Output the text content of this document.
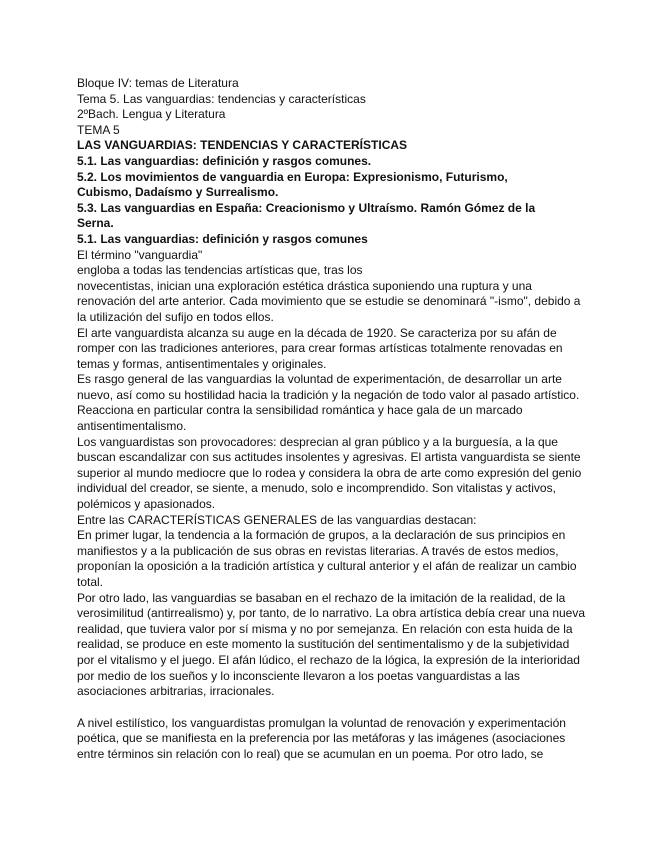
Bloque IV: temas de Literatura
Tema 5. Las vanguardias: tendencias y características
2ºBach. Lengua y Literatura
TEMA 5
LAS VANGUARDIAS: TENDENCIAS Y CARACTERÍSTICAS
5.1. Las vanguardias: definición y rasgos comunes.
5.2. Los movimientos de vanguardia en Europa: Expresionismo, Futurismo,
Cubismo, Dadaísmo y Surrealismo.
5.3. Las vanguardias en España: Creacionismo y Ultraísmo. Ramón Gómez de la
Serna.
5.1. Las vanguardias: definición y rasgos comunes
El término "vanguardia"
engloba a todas las tendencias artísticas que, tras los
novecentistas, inician una exploración estética drástica suponiendo una ruptura y una
renovación del arte anterior. Cada movimiento que se estudie se denominará "-ismo", debido a
la utilización del sufijo en todos ellos.
El arte vanguardista alcanza su auge en la década de 1920. Se caracteriza por su afán de
romper con las tradiciones anteriores, para crear formas artísticas totalmente renovadas en
temas y formas, antisentimentales y originales.
Es rasgo general de las vanguardias la voluntad de experimentación, de desarrollar un arte
nuevo, así como su hostilidad hacia la tradición y la negación de todo valor al pasado artístico.
Reacciona en particular contra la sensibilidad romántica y hace gala de un marcado
antisentimentalismo.
Los vanguardistas son provocadores: desprecian al gran público y a la burguesía, a la que
buscan escandalizar con sus actitudes insolentes y agresivas. El artista vanguardista se siente
superior al mundo mediocre que lo rodea y considera la obra de arte como expresión del genio
individual del creador, se siente, a menudo, solo e incomprendido. Son vitalistas y activos,
polémicos y apasionados.
Entre las CARACTERÍSTICAS GENERALES de las vanguardias destacan:
En primer lugar, la tendencia a la formación de grupos, a la declaración de sus principios en
manifiestos y a la publicación de sus obras en revistas literarias. A través de estos medios,
proponían la oposición a la tradición artística y cultural anterior y el afán de realizar un cambio
total.
Por otro lado, las vanguardias se basaban en el rechazo de la imitación de la realidad, de la
verosimilitud (antirrealismo) y, por tanto, de lo narrativo. La obra artística debía crear una nueva
realidad, que tuviera valor por sí misma y no por semejanza. En relación con esta huida de la
realidad, se produce en este momento la sustitución del sentimentalismo y de la subjetividad
por el vitalismo y el juego. El afán lúdico, el rechazo de la lógica, la expresión de la interioridad
por medio de los sueños y lo inconsciente llevaron a los poetas vanguardistas a las
asociaciones arbitrarias, irracionales.
A nivel estilístico, los vanguardistas promulgan la voluntad de renovación y experimentación
poética, que se manifiesta en la preferencia por las metáforas y las imágenes (asociaciones
entre términos sin relación con lo real) que se acumulan en un poema. Por otro lado, se
